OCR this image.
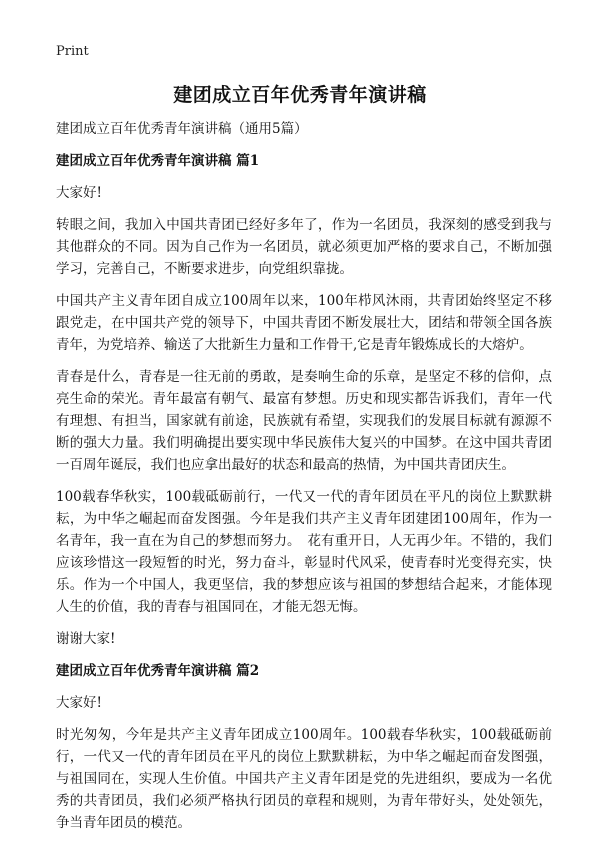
Print
建团成立百年优秀青年演讲稿

建团成立百年优秀青年演讲稿（通用5篇）

建团成立百年优秀青年演讲稿 篇1

大家好!

转眼之间，我加入中国共青团已经好多年了，作为一名团员，我深刻的感受到我与其他群众的不同。因为自己作为一名团员，就必须更加严格的要求自己，不断加强学习，完善自己，不断要求进步，向党组织靠拢。

中国共产主义青年团自成立100周年以来，100年栉风沐雨，共青团始终坚定不移跟党走，在中国共产党的领导下，中国共青团不断发展壮大，团结和带领全国各族青年，为党培养、输送了大批新生力量和工作骨干,它是青年锻炼成长的大熔炉。

青春是什么，青春是一往无前的勇敢，是奏响生命的乐章，是坚定不移的信仰，点亮生命的荣光。青年最富有朝气、最富有梦想。历史和现实都告诉我们，青年一代有理想、有担当，国家就有前途，民族就有希望，实现我们的发展目标就有源源不断的强大力量。我们明确提出要实现中华民族伟大复兴的中国梦。在这中国共青团一百周年诞辰，我们也应拿出最好的状态和最高的热情，为中国共青团庆生。

100载春华秋实，100载砥砺前行，一代又一代的青年团员在平凡的岗位上默默耕耘，为中华之崛起而奋发图强。今年是我们共产主义青年团建团100周年，作为一名青年，我一直在为自己的梦想而努力。　花有重开日，人无再少年。不错的，我们应该珍惜这一段短暂的时光，努力奋斗，彰显时代风采，使青春时光变得充实，快乐。作为一个中国人，我更坚信，我的梦想应该与祖国的梦想结合起来，才能体现人生的价值，我的青春与祖国同在，才能无怨无悔。

谢谢大家!

建团成立百年优秀青年演讲稿 篇2

大家好!

时光匆匆，今年是共产主义青年团成立100周年。100载春华秋实，100载砥砺前行，一代又一代的青年团员在平凡的岗位上默默耕耘，为中华之崛起而奋发图强，与祖国同在，实现人生价值。中国共产主义青年团是党的先进组织，要成为一名优秀的共青团员，我们必须严格执行团员的章程和规则，为青年带好头，处处领先，争当青年团员的模范。
